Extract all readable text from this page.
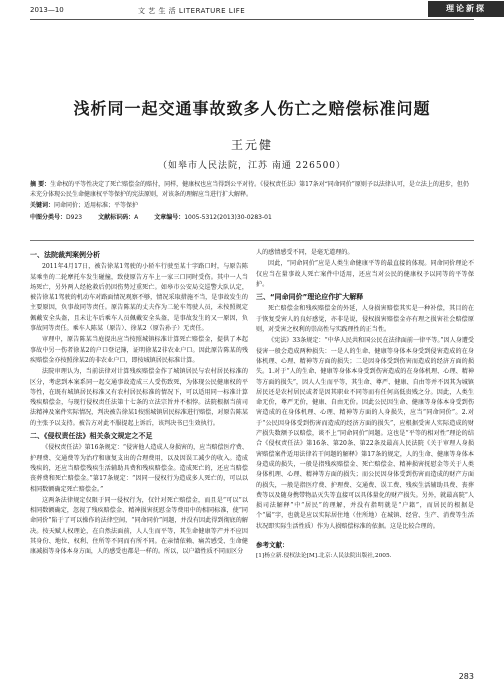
2013—10	文 艺 生 活 LITERATURE LIFE	理论新探
浅析同一起交通事故致多人伤亡之赔偿标准问题
王元健
（如皋市人民法院，江苏 南通 226500）
摘 要：生命权的平等性决定了死亡赔偿金的赔付，同样，健康权也应当得到公平对待。《侵权责任法》第17条对“同命同价”原则予以法律认可，是立法上的进步，但仍未充分体现公民生命健康权平等保护的宪法原则，对该条的理解应当进行扩大解释。
关键词：同命同价；适用标准；平等保护
中图分类号：D923	文献标识码：A	文章编号：1005-5312(2013)30-0283-01
一、法院裁判案例分析

2011年4月17日，被告徐某1驾驶的小轿车行驶至某十字路口时，与原告陈某乘坐的二轮摩托车发生碰撞，致使原告方车上一家三口同时受伤。其中一人当场死亡，另外两人经抢救后仍因伤势过重死亡。如皋市公安局交巡警大队认定，被告徐某1驾驶的机动车对路面情况观察不够，情况采取措施不当，是事故发生的主要原因，负事故同等责任。原告陈某的丈夫作为二轮车驾驶人员，未按照规定佩戴安全头盔，且未让车后乘车人员佩戴安全头盔，是事故发生的又一原因，负事故同等责任。乘车人陈某（原告）、徐某2（原告孙子）无责任。

审理中，原告陈某当庭提出应当按照城镇标准计算死亡赔偿金，提供了本起事故中另一伤者徐某2的户口登记簿，证明徐某2非农业户口。因此原告陈某的残疾赔偿金亦按照徐某2的非农业户口，即按城镇居民标准计算。

法院审理认为，当前法律对计算残疾赔偿金作了城镇居民与农村居民标准的区分，考虑到本案系同一起交通事故造成三人受伤致死，为体现公民健康权的平等性，在既有城镇居民标准又有农村居民标准的情况下，可以适用同一标准计算残疾赔偿金，与现行侵权责任法第十七条的立法宗旨并不相悖。法院根据当前司法精神及案件实际情况，判决被告徐某1按照城镇居民标准进行赔偿，对原告陈某的主张予以支持。被告方对此不服提起上诉后，该判决书已生效执行。

二、《侵权责任法》相关条文规定之不足

《侵权责任法》第16条规定：“侵害他人造成人身损害的，应当赔偿医疗费、护理费、交通费等为治疗和康复支出的合理费用，以及因误工减少的收入。造成残疾的，还应当赔偿残疾生活辅助具费和残疾赔偿金。造成死亡的，还应当赔偿丧葬费和死亡赔偿金。”第17条规定：“因同一侵权行为造成多人死亡的，可以以相同数额确定死亡赔偿金。”

这两条法律规定仅限于同一侵权行为，仅针对死亡赔偿金，而且是“可以”以相同数额确定，忽视了残疾赔偿金、精神损害抚慰金等费用中的相同标准，使“同命同价”陷于了可以操作的法律空间，“同命同价”问题，并没有因此得到彻底的解决。按天赋人权理论，在自然法面前，人人生而平等，其生命健康等产并不应因其身份、地位、权利、住所等不同而有所不同。在亲情依赖、痛苦感受、生命健康减损等身体本身方面，人的感受也都是一样的。所以，以户籍性质不同而区分

人的感情感受不同，是毫无道理的。

因此，“同命同价”应是人类生命健康平等的最直接的体现。同命同价理论不仅应当在量事故人死亡案件中适用，还应当对公民的健康权予以同等的平等保护。

三、“同命同价”理论应作扩大解释

死亡赔偿金和残疾赔偿金的外延，人身损害赔偿其实是一种补偿，其目的在于恢复受害人的良好感觉，亦非是说，侵权损害赔偿金亦有理之损害社会赔偿原则，对受害之权利的崇高性与实践理性的正当性。

《宪法》33条规定：“中华人民共和国公民在法律面前一律平等。”因人身遭受侵害一般会造成两种损失：一是人的生命、健康等身体本身受到侵害造成的在身体机理、心理、精神等方面的损失；二是因身体受到伤害而造成的经济方面的损失。1.对于“人的生命、健康等身体本身受到伤害造成的在身体机理、心理、精神等方面的损失”，因人人生而平等，其生命、尊严、健康、自由等并不因其为城镇居民还是农村居民或者是因其职业不同等而有任何高低贵贱之分。因此，人类生命无价，尊严无价，健康、自由无价。因此公民因生命、健康等身体本身受到伤害造成的在身体机理、心理、精神等方面的人身损失，应当“同命同价”。2.对于“公民因身体受到伤害而造成的经济方面的损失”，应根据受害人实际造成的财产损失数额予以赔偿，谈不上“同命同价”问题。这也是“平等的相对性”理论的结合《侵权责任法》第16条、第20条、第22条及最高人民法院《关于审理人身损害赔偿案件适用法律若干问题的解释》第17条的规定，人的生命、健康等身体本身造成的损失，一般是指残疾赔偿金、死亡赔偿金、精神损害抚慰金等关于人类身体机理、心理、精神等方面的损失；而公民因身体受到伤害而造成的财产方面的损失，一般是指医疗费、护理费、交通费、误工费、残疾生活辅助具费、丧葬费等以及随身携带物品灭失等直接可以具体量化的财产损失。另外，就最高院“人损司法解释”中“居民”的理解，并没有指明就是“户籍”，而居民的根据是个“属”字，也就是应以实际居住地（住所地）在城镇、经营、生产、消费等生活状况即实际生活性质）作为人损赔偿标准的依据。这是比较合理的。

参考文献：
[1]杨立新.侵权法论[M].北京:人民法院出版社,2005.
283
